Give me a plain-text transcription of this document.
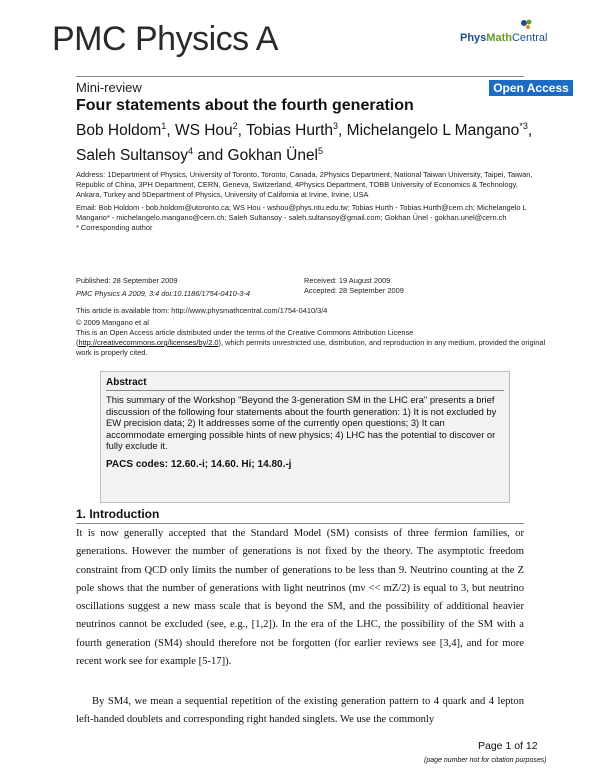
PMC Physics A	PhysMathCentral
Mini-review	Open Access
Four statements about the fourth generation
Bob Holdom$^1$, WS Hou$^2$, Tobias Hurth$^3$, Michelangelo L Mangano$^{*3}$,
Saleh Sultansoy$^4$ and Gokhan Ünel$^5$
Address: 1Department of Physics, University of Toronto, Toronto, Canada, 2Physics Department, National Taiwan University, Taipei, Taiwan, Republic of China, 3PH Department, CERN, Geneva, Switzerland, 4Physics Department, TOBB University of Economics & Technology, Ankara, Turkey and 5Department of Physics, University of California at Irvine, Irvine, USA
Email: Bob Holdom - bob.holdom@utoronto.ca; WS Hou - wshou@phys.ntu.edu.tw; Tobias Hurth - Tobias.Hurth@cern.ch; Michelangelo L Mangano* - michelangelo.mangano@cern.ch; Saleh Sultansoy - saleh.sultansoy@gmail.com; Gokhan Ünel - gokhan.unel@cern.ch
* Corresponding author
Published: 28 September 2009
PMC Physics A 2009, 3:4 doi:10.1186/1754-0410-3-4
Received: 19 August 2009
Accepted: 28 September 2009
This article is available from: http://www.physmathcentral.com/1754-0410/3/4
© 2009 Mangano et al
This is an Open Access article distributed under the terms of the Creative Commons Attribution License (http://creativecommons.org/licenses/by/2.0), which permits unrestricted use, distribution, and reproduction in any medium, provided the original work is properly cited.
Abstract
This summary of the Workshop "Beyond the 3-generation SM in the LHC era" presents a brief discussion of the following four statements about the fourth generation: 1) It is not excluded by EW precision data; 2) It addresses some of the currently open questions; 3) It can accommodate emerging possible hints of new physics; 4) LHC has the potential to discover or fully exclude it.
PACS codes: 12.60.-i; 14.60. Hi; 14.80.-j
1. Introduction
It is now generally accepted that the Standard Model (SM) consists of three fermion families, or generations. However the number of generations is not fixed by the theory. The asymptotic freedom constraint from QCD only limits the number of generations to be less than 9. Neutrino counting at the Z pole shows that the number of generations with light neutrinos (mν << mZ/2) is equal to 3, but neutrino oscillations suggest a new mass scale that is beyond the SM, and the possibility of additional heavier neutrinos cannot be excluded (see, e.g., [1,2]). In the era of the LHC, the possibility of the SM with a fourth generation (SM4) should therefore not be forgotten (for earlier reviews see [3,4], and for more recent work see for example [5-17]).
By SM4, we mean a sequential repetition of the existing generation pattern to 4 quark and 4 lepton left-handed doublets and corresponding right handed singlets. We use the commonly
Page 1 of 12
(page number not for citation purposes)
